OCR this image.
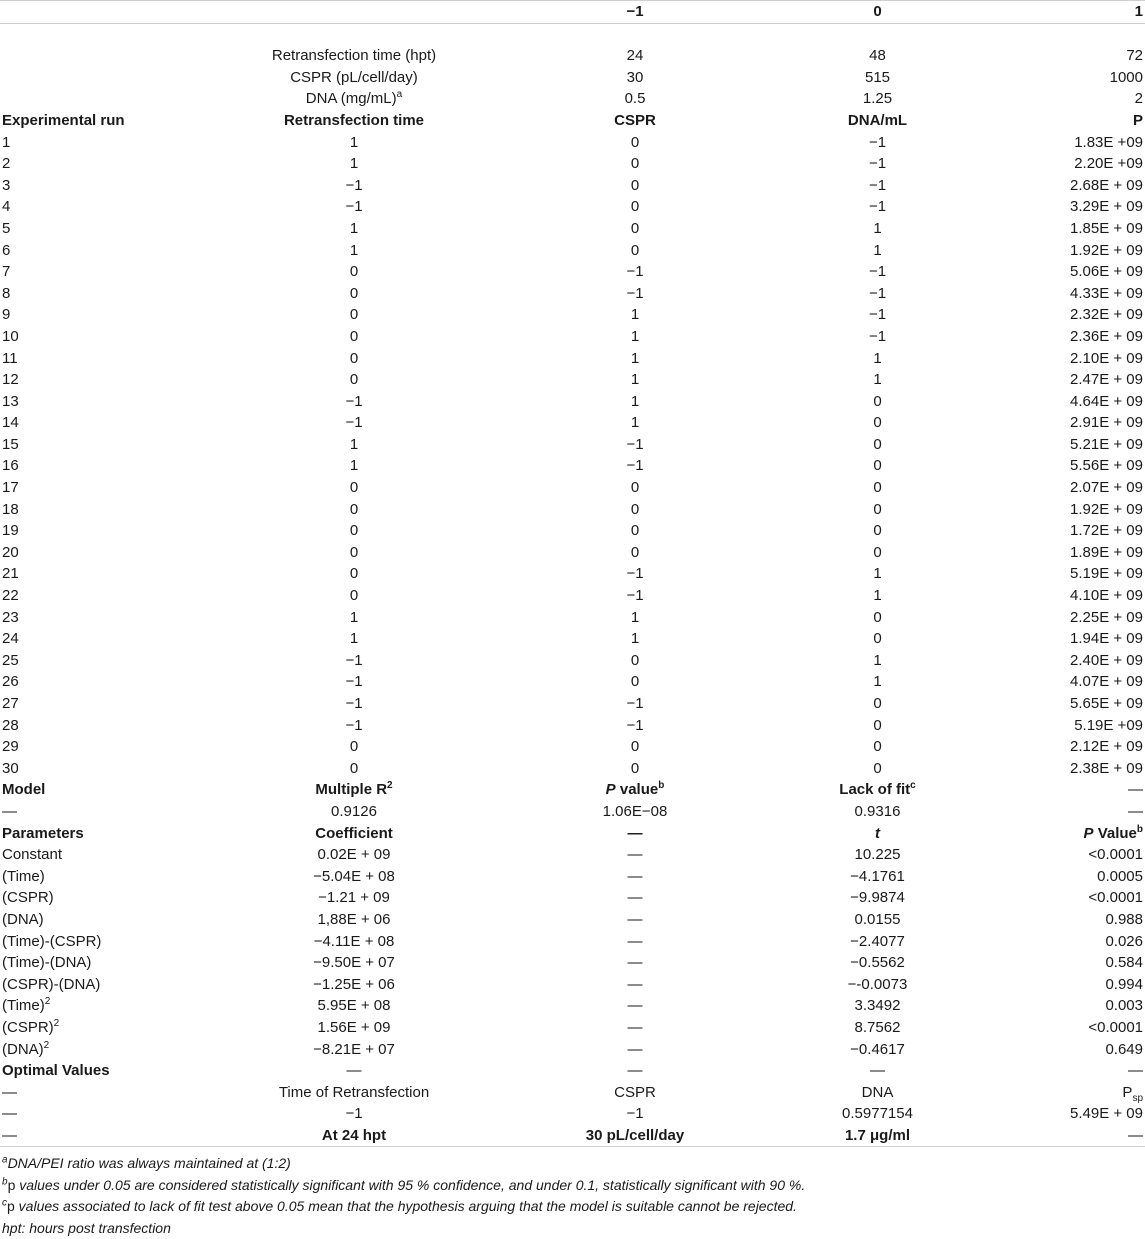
		−1	0	1

	Retransfection time (hpt)	24	48	72
	CSPR (pL/cell/day)	30	515	1000
	DNA $(mg/mL)^a$	0.5	1.25	2
Experimental run	Retransfection time	CSPR	DNA/mL	P
1	1	0	−1	1.83E +09
2	1	0	−1	2.20E +09
3	−1	0	−1	2.68E + 09
4	−1	0	−1	3.29E + 09
5	1	0	1	1.85E + 09
6	1	0	1	1.92E + 09
7	0	−1	−1	5.06E + 09
8	0	−1	−1	4.33E + 09
9	0	1	−1	2.32E + 09
10	0	1	−1	2.36E + 09
11	0	1	1	2.10E + 09
12	0	1	1	2.47E + 09
13	−1	1	0	4.64E + 09
14	−1	1	0	2.91E + 09
15	1	−1	0	5.21E + 09
16	1	−1	0	5.56E + 09
17	0	0	0	2.07E + 09
18	0	0	0	1.92E + 09
19	0	0	0	1.72E + 09
20	0	0	0	1.89E + 09
21	0	−1	1	5.19E + 09
22	0	−1	1	4.10E + 09
23	1	1	0	2.25E + 09
24	1	1	0	1.94E + 09
25	−1	0	1	2.40E + 09
26	−1	0	1	4.07E + 09
27	−1	−1	0	5.65E + 09
28	−1	−1	0	5.19E +09
29	0	0	0	2.12E + 09
30	0	0	0	2.38E + 09
Model	Multiple $R^2$	P value$^b$	Lack of fit$^c$	—
—	0.9126	1.06E−08	0.9316	—
Parameters	Coefficient	—	t	P Value$^b$
Constant	0.02E + 09	—	10.225	<0.0001
(Time)	−5.04E + 08	—	−4.1761	0.0005
(CSPR)	−1.21 + 09	—	−9.9874	<0.0001
(DNA)	1,88E + 06	—	0.0155	0.988
(Time)-(CSPR)	−4.11E + 08	—	−2.4077	0.026
(Time)-(DNA)	−9.50E + 07	—	−0.5562	0.584
(CSPR)-(DNA)	−1.25E + 06	—	−-0.0073	0.994
(Time)$^2$	5.95E + 08	—	3.3492	0.003
(CSPR)$^2$	1.56E + 09	—	8.7562	<0.0001
(DNA)$^2$	−8.21E + 07	—	−0.4617	0.649
Optimal Values	—	—	—	—
—	Time of Retransfection	CSPR	DNA	$P_{sp}$
—	−1	−1	0.5977154	5.49E + 09
—	At 24 hpt	30 pL/cell/day	1.7 μg/ml	—
$^a$DNA/PEI ratio was always maintained at (1:2)
$^b$p values under 0.05 are considered statistically significant with 95 % confidence, and under 0.1, statistically significant with 90 %.
$^c$p values associated to lack of fit test above 0.05 mean that the hypothesis arguing that the model is suitable cannot be rejected.
hpt: hours post transfection
